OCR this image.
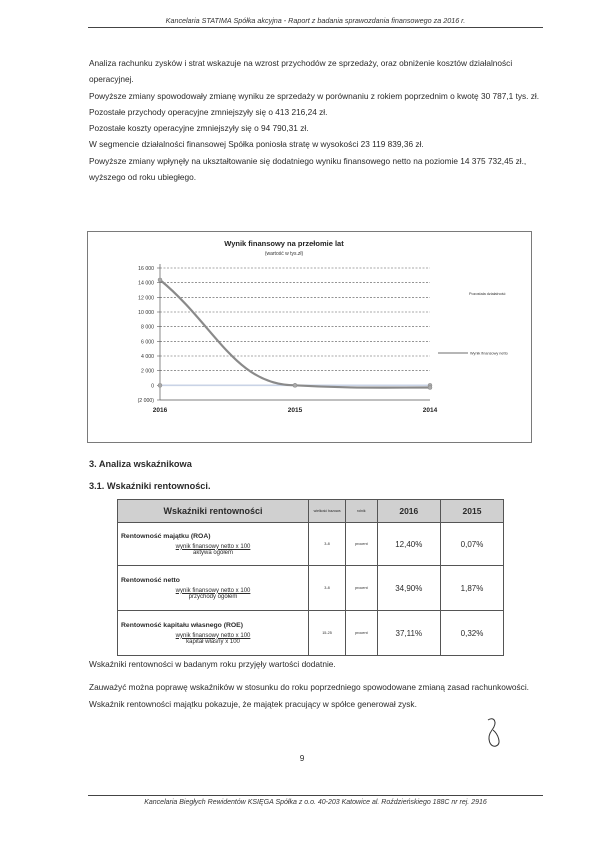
Kancelaria STATIMA Spółka akcyjna - Raport z badania sprawozdania finansowego za 2016 r.

Analiza rachunku zysków i strat wskazuje na wzrost przychodów ze sprzedaży, oraz obniżenie kosztów działalności operacyjnej.

Powyższe zmiany spowodowały zmianę wyniku ze sprzedaży w porównaniu z rokiem poprzednim o kwotę 30 787,1 tys. zł.

Pozostałe przychody operacyjne zmniejszyły się o 413 216,24 zł.

Pozostałe koszty operacyjne zmniejszyły się o 94 790,31 zł.

W segmencie działalności finansowej Spółka poniosła stratę w wysokości 23 119 839,36 zł.

Powyższe zmiany wpłynęły na ukształtowanie się dodatniego wyniku finansowego netto na poziomie 14 375 732,45 zł., wyższego od roku ubiegłego.

Wynik finansowy na przełomie lat
(wartość w tys.zł)
16 000
14 000
12 000
10 000
8 000
6 000
4 000
2 000
0
(2 000)
2016	2015	2014
Pozostała działalność
Wynik finansowy netto
3. Analiza wskaźnikowa
3.1. Wskaźniki rentowności.
Wskaźniki rentowności	wielkość bazowa	rolnik	2016	2015

Rentowność majątku (ROA)
wynik finansowy netto x 100
aktywa ogółem	3-8	procent	12,40%	0,07%

Rentowność netto
wynik finansowy netto x 100
przychody ogółem	3-8	procent	34,90%	1,87%

Rentowność kapitału własnego (ROE)
wynik finansowy netto x 100
kapitał własny x 100	15-25	procent	37,11%	0,32%

Wskaźniki rentowności w badanym roku przyjęły wartości dodatnie.

Zauważyć można poprawę wskaźników w stosunku do roku poprzedniego spowodowane zmianą zasad rachunkowości.

Wskaźnik rentowności majątku pokazuje, że majątek pracujący w spółce generował zysk.

9
Kancelaria Biegłych Rewidentów KSIĘGA Spółka z o.o. 40-203 Katowice al. Roździeńskiego 188C nr rej. 2916
